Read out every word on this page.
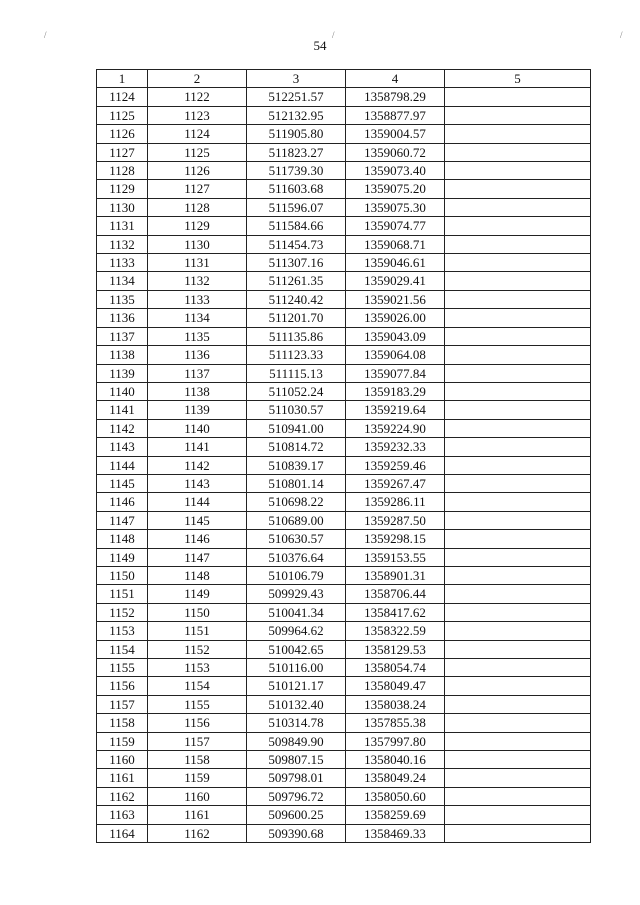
/	/	/
54
1	2	3	4	5
1124	1122	512251.57	1358798.29	
1125	1123	512132.95	1358877.97	
1126	1124	511905.80	1359004.57	
1127	1125	511823.27	1359060.72	
1128	1126	511739.30	1359073.40	
1129	1127	511603.68	1359075.20	
1130	1128	511596.07	1359075.30	
1131	1129	511584.66	1359074.77	
1132	1130	511454.73	1359068.71	
1133	1131	511307.16	1359046.61	
1134	1132	511261.35	1359029.41	
1135	1133	511240.42	1359021.56	
1136	1134	511201.70	1359026.00	
1137	1135	511135.86	1359043.09	
1138	1136	511123.33	1359064.08	
1139	1137	511115.13	1359077.84	
1140	1138	511052.24	1359183.29	
1141	1139	511030.57	1359219.64	
1142	1140	510941.00	1359224.90	
1143	1141	510814.72	1359232.33	
1144	1142	510839.17	1359259.46	
1145	1143	510801.14	1359267.47	
1146	1144	510698.22	1359286.11	
1147	1145	510689.00	1359287.50	
1148	1146	510630.57	1359298.15	
1149	1147	510376.64	1359153.55	
1150	1148	510106.79	1358901.31	
1151	1149	509929.43	1358706.44	
1152	1150	510041.34	1358417.62	
1153	1151	509964.62	1358322.59	
1154	1152	510042.65	1358129.53	
1155	1153	510116.00	1358054.74	
1156	1154	510121.17	1358049.47	
1157	1155	510132.40	1358038.24	
1158	1156	510314.78	1357855.38	
1159	1157	509849.90	1357997.80	
1160	1158	509807.15	1358040.16	
1161	1159	509798.01	1358049.24	
1162	1160	509796.72	1358050.60	
1163	1161	509600.25	1358259.69	
1164	1162	509390.68	1358469.33	
